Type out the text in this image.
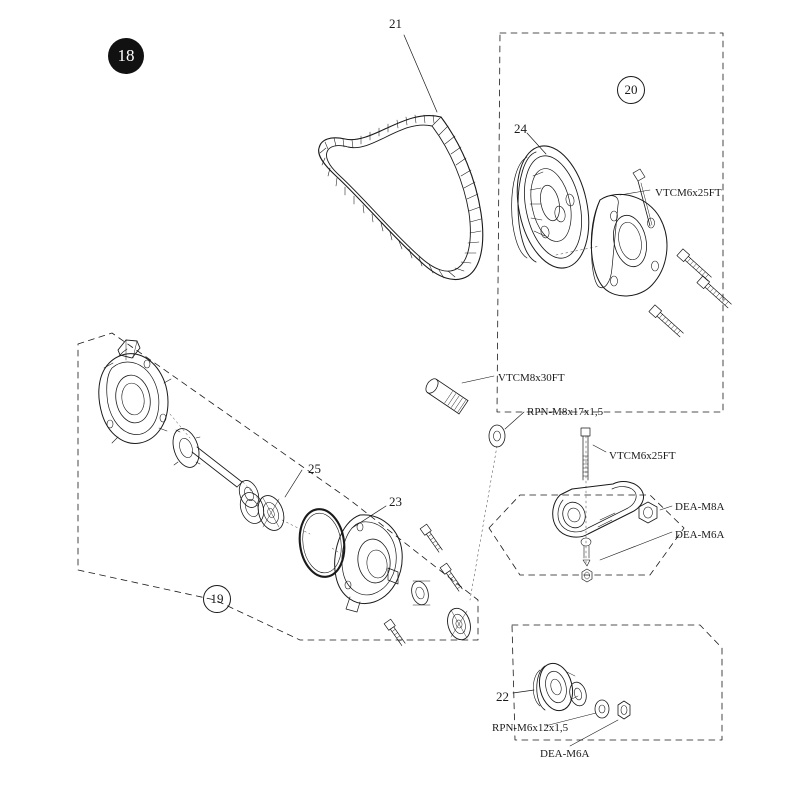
18
21
24
25
23
22
20
19
VTCM6x25FT
VTCM8x30FT
RPN-M8x17x1,5
VTCM6x25FT
DEA-M8A
DEA-M6A
RPN-M6x12x1,5
DEA-M6A
